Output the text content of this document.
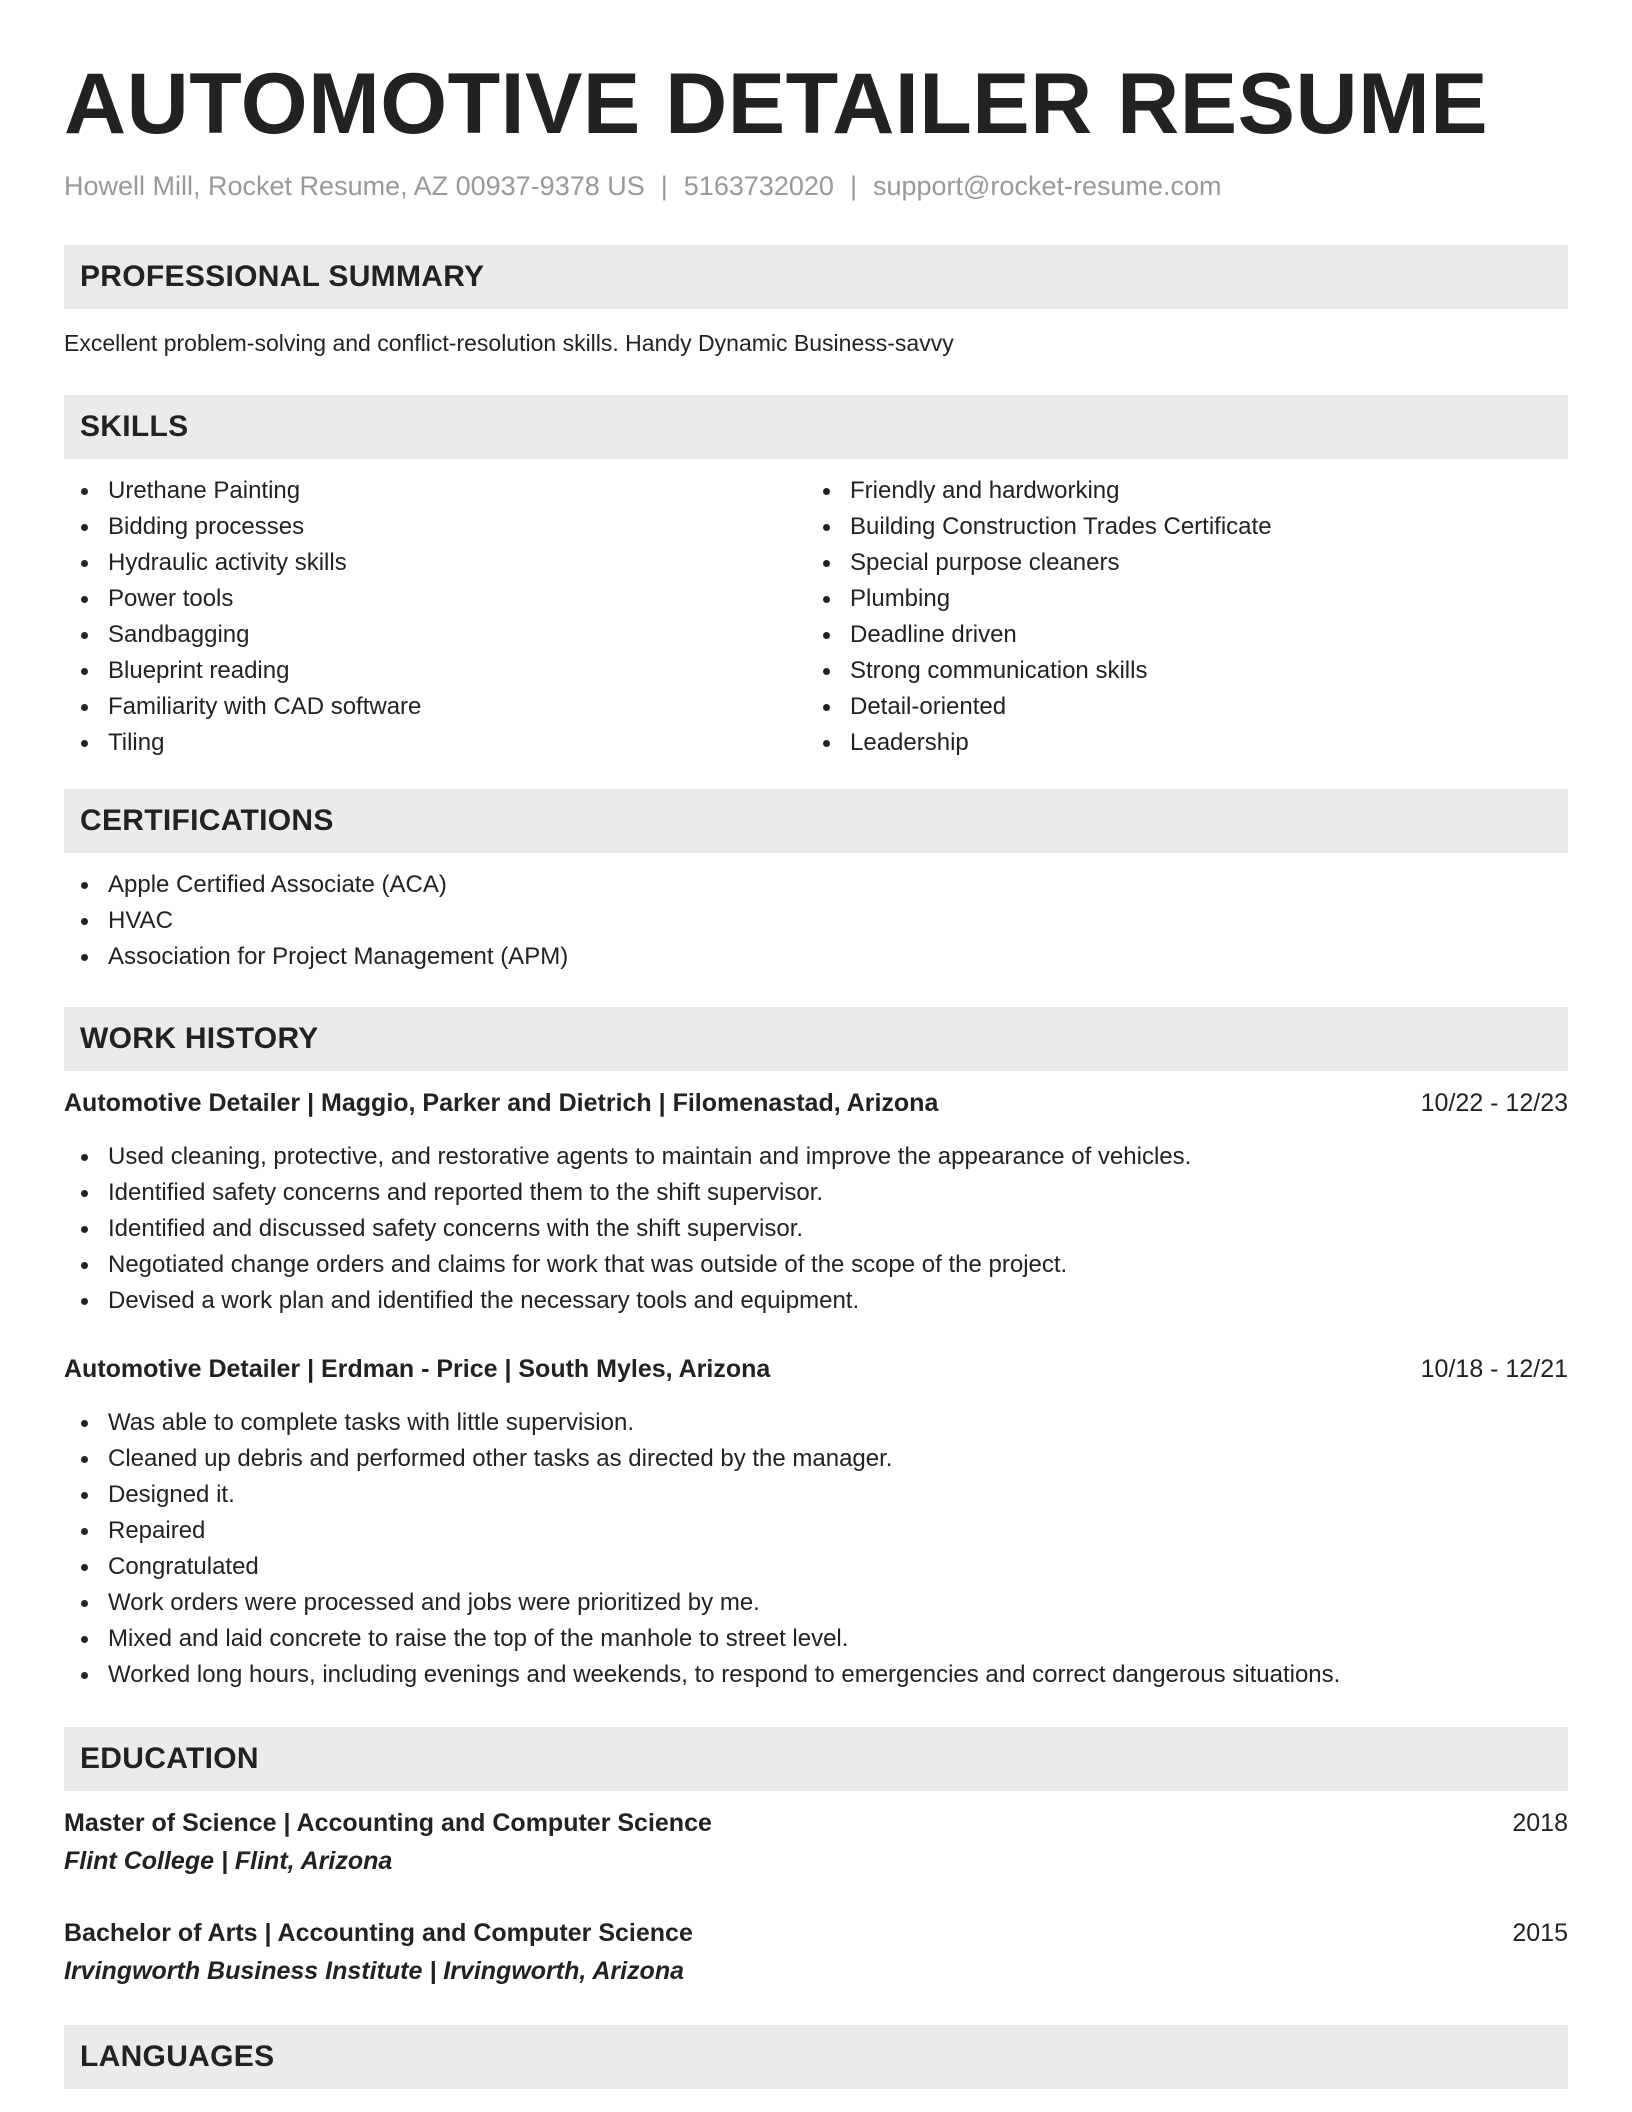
AUTOMOTIVE DETAILER RESUME
Howell Mill, Rocket Resume, AZ 00937-9378 US | 5163732020 | support@rocket-resume.com
PROFESSIONAL SUMMARY

Excellent problem-solving and conflict-resolution skills. Handy Dynamic Business-savvy

SKILLS
Urethane Painting
Bidding processes
Hydraulic activity skills
Power tools
Sandbagging
Blueprint reading
Familiarity with CAD software
Tiling
Friendly and hardworking
Building Construction Trades Certificate
Special purpose cleaners
Plumbing
Deadline driven
Strong communication skills
Detail-oriented
Leadership
CERTIFICATIONS
Apple Certified Associate (ACA)
HVAC
Association for Project Management (APM)
WORK HISTORY
Automotive Detailer | Maggio, Parker and Dietrich | Filomenastad, Arizona	10/22 - 12/23
Used cleaning, protective, and restorative agents to maintain and improve the appearance of vehicles.
Identified safety concerns and reported them to the shift supervisor.
Identified and discussed safety concerns with the shift supervisor.
Negotiated change orders and claims for work that was outside of the scope of the project.
Devised a work plan and identified the necessary tools and equipment.
Automotive Detailer | Erdman - Price | South Myles, Arizona	10/18 - 12/21
Was able to complete tasks with little supervision.
Cleaned up debris and performed other tasks as directed by the manager.
Designed it.
Repaired
Congratulated
Work orders were processed and jobs were prioritized by me.
Mixed and laid concrete to raise the top of the manhole to street level.
Worked long hours, including evenings and weekends, to respond to emergencies and correct dangerous situations.
EDUCATION
Master of Science | Accounting and Computer Science	2018
Flint College | Flint, Arizona
Bachelor of Arts | Accounting and Computer Science	2015
Irvingworth Business Institute | Irvingworth, Arizona
LANGUAGES
